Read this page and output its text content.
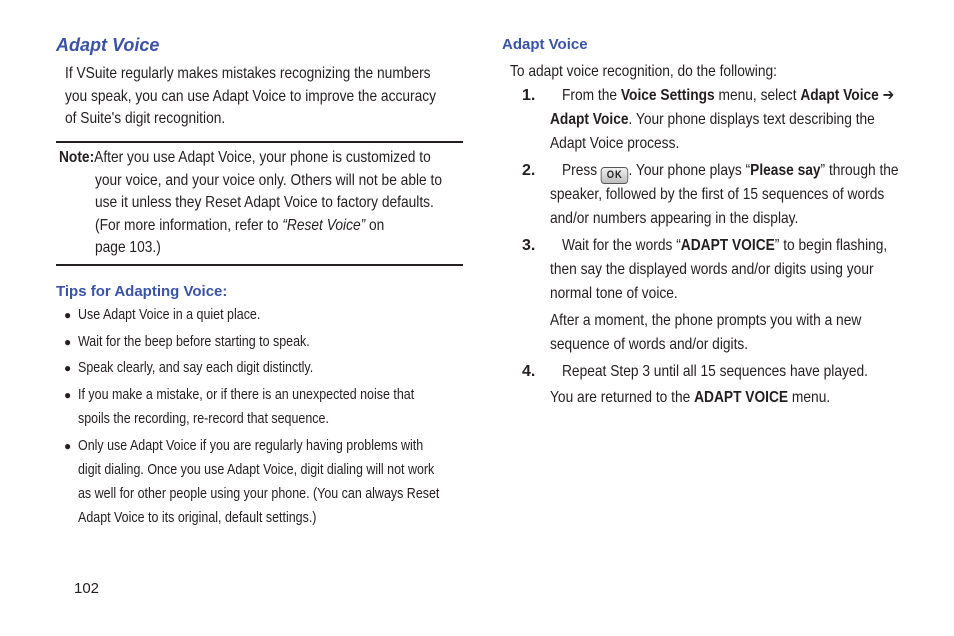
Adapt Voice
If VSuite regularly makes mistakes recognizing the numbers
you speak, you can use Adapt Voice to improve the accuracy
of Suite's digit recognition.
Note:After you use Adapt Voice, your phone is customized to
your voice, and your voice only. Others will not be able to
use it unless they Reset Adapt Voice to factory defaults.
(For more information, refer to “Reset Voice” on
page 103.)
Tips for Adapting Voice:
● Use Adapt Voice in a quiet place.
● Wait for the beep before starting to speak.
● Speak clearly, and say each digit distinctly.
● If you make a mistake, or if there is an unexpected noise that
spoils the recording, re-record that sequence.
● Only use Adapt Voice if you are regularly having problems with
digit dialing. Once you use Adapt Voice, digit dialing will not work
as well for other people using your phone. (You can always Reset
Adapt Voice to its original, default settings.)
102
Adapt Voice
To adapt voice recognition, do the following:
1. From the Voice Settings menu, select Adapt Voice ➔
Adapt Voice. Your phone displays text describing the
Adapt Voice process.
2. Press OK . Your phone plays “Please say” through the
speaker, followed by the first of 15 sequences of words
and/or numbers appearing in the display.
3. Wait for the words “ADAPT VOICE” to begin flashing,
then say the displayed words and/or digits using your
normal tone of voice.
After a moment, the phone prompts you with a new
sequence of words and/or digits.
4. Repeat Step 3 until all 15 sequences have played.
You are returned to the ADAPT VOICE menu.
